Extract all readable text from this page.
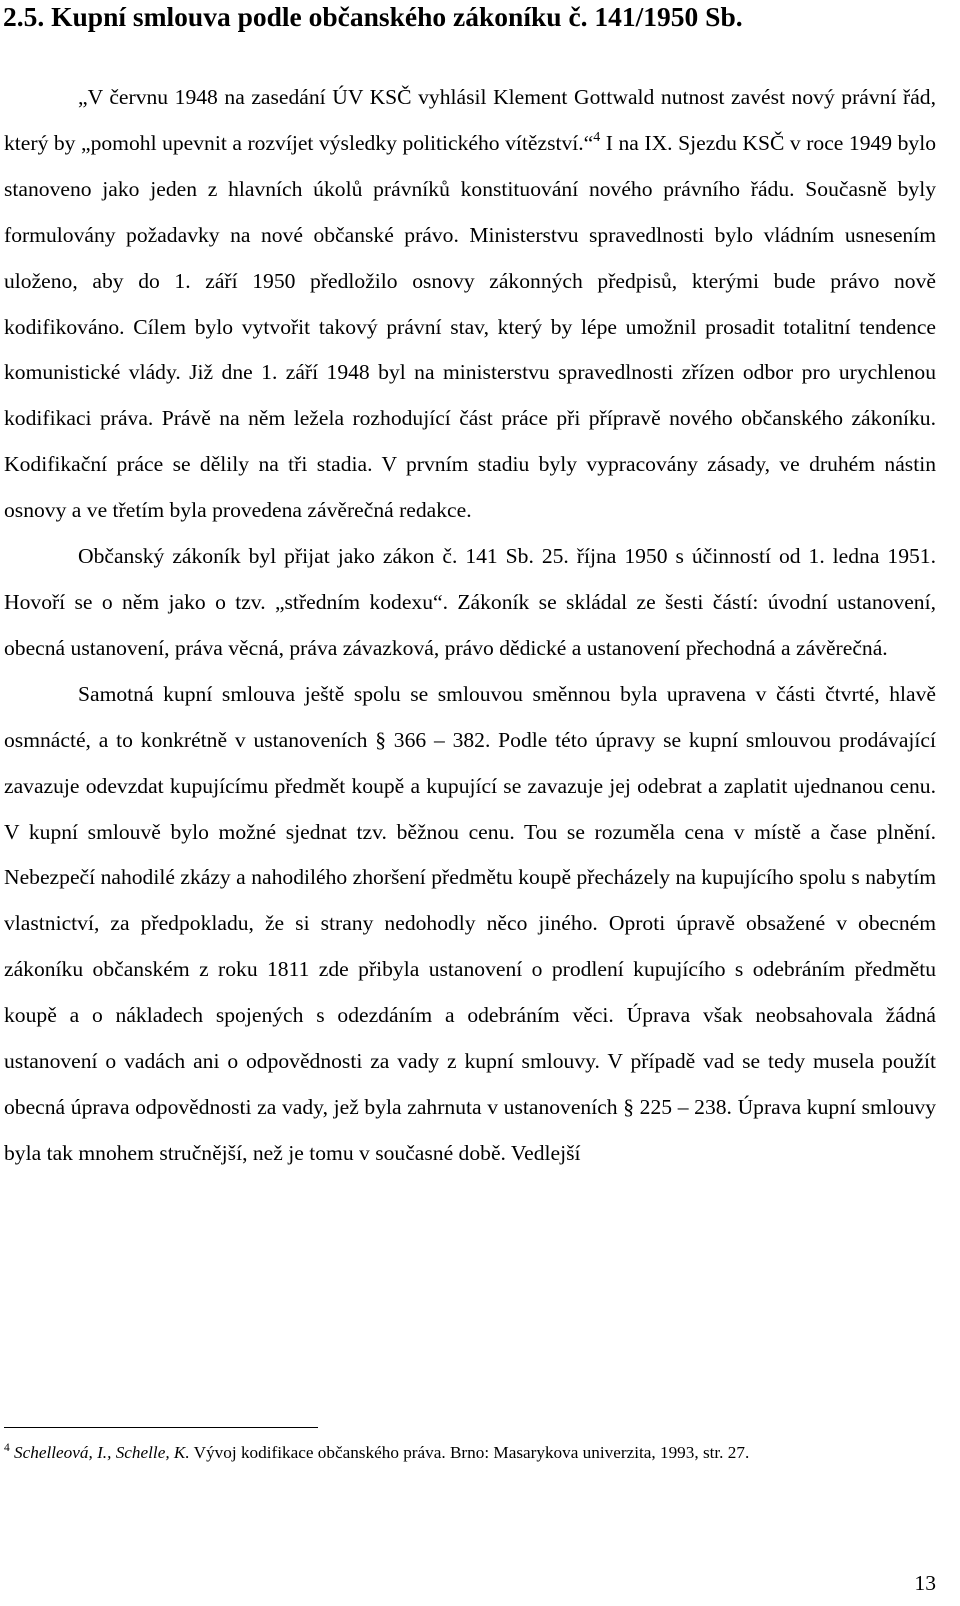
2.5. Kupní smlouva podle občanského zákoníku č. 141/1950 Sb.

„V červnu 1948 na zasedání ÚV KSČ vyhlásil Klement Gottwald nutnost zavést nový právní řád, který by „pomohl upevnit a rozvíjet výsledky politického vítězství.“$^4$ I na IX. Sjezdu KSČ v roce 1949 bylo stanoveno jako jeden z hlavních úkolů právníků konstituování nového právního řádu. Současně byly formulovány požadavky na nové občanské právo. Ministerstvu spravedlnosti bylo vládním usnesením uloženo, aby do 1. září 1950 předložilo osnovy zákonných předpisů, kterými bude právo nově kodifikováno. Cílem bylo vytvořit takový právní stav, který by lépe umožnil prosadit totalitní tendence komunistické vlády. Již dne 1. září 1948 byl na ministerstvu spravedlnosti zřízen odbor pro urychlenou kodifikaci práva. Právě na něm ležela rozhodující část práce při přípravě nového občanského zákoníku. Kodifikační práce se dělily na tři stadia. V prvním stadiu byly vypracovány zásady, ve druhém nástin osnovy a ve třetím byla provedena závěrečná redakce.

Občanský zákoník byl přijat jako zákon č. 141 Sb. 25. října 1950 s účinností od 1. ledna 1951. Hovoří se o něm jako o tzv. „středním kodexu“. Zákoník se skládal ze šesti částí: úvodní ustanovení, obecná ustanovení, práva věcná, práva závazková, právo dědické a ustanovení přechodná a závěrečná.

Samotná kupní smlouva ještě spolu se smlouvou směnnou byla upravena v části čtvrté, hlavě osmnácté, a to konkrétně v ustanoveních § 366 – 382. Podle této úpravy se kupní smlouvou prodávající zavazuje odevzdat kupujícímu předmět koupě a kupující se zavazuje jej odebrat a zaplatit ujednanou cenu. V kupní smlouvě bylo možné sjednat tzv. běžnou cenu. Tou se rozuměla cena v místě a čase plnění. Nebezpečí nahodilé zkázy a nahodilého zhoršení předmětu koupě přecházely na kupujícího spolu s nabytím vlastnictví, za předpokladu, že si strany nedohodly něco jiného. Oproti úpravě obsažené v obecném zákoníku občanském z roku 1811 zde přibyla ustanovení o prodlení kupujícího s odebráním předmětu koupě a o nákladech spojených s odezdáním a odebráním věci. Úprava však neobsahovala žádná ustanovení o vadách ani o odpovědnosti za vady z kupní smlouvy. V případě vad se tedy musela použít obecná úprava odpovědnosti za vady, jež byla zahrnuta v ustanoveních § 225 – 238. Úprava kupní smlouvy byla tak mnohem stručnější, než je tomu v současné době. Vedlejší

$^4$ Schelleová, I., Schelle, K. Vývoj kodifikace občanského práva. Brno: Masarykova univerzita, 1993, str. 27.

13
